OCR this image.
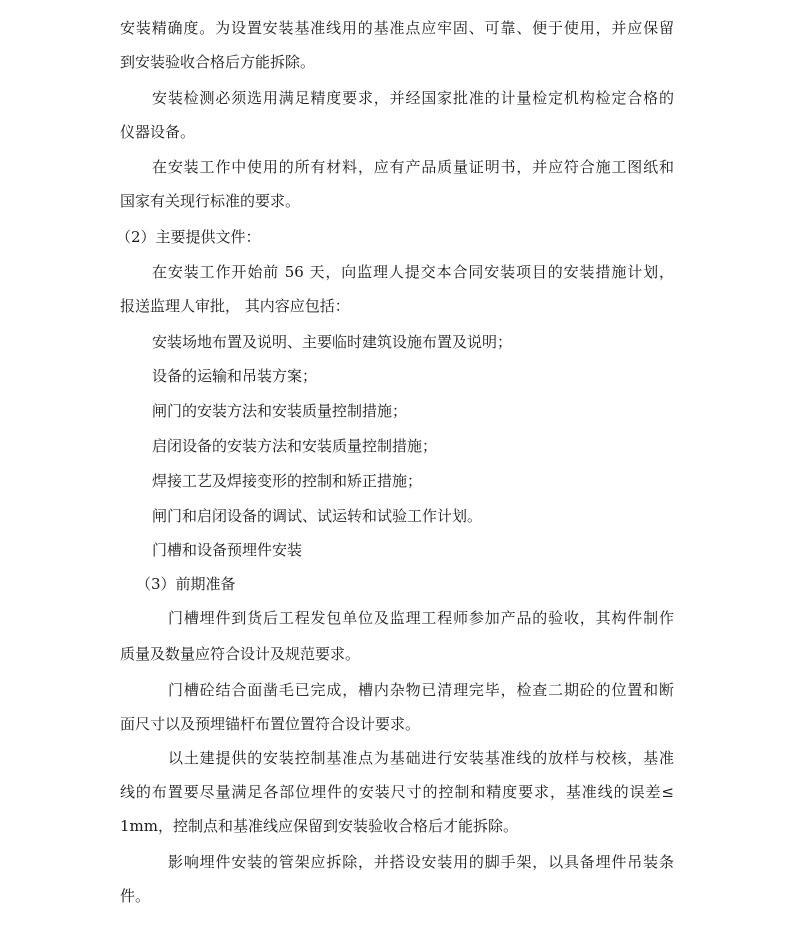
安装精确度。为设置安装基准线用的基准点应牢固、可靠、便于使用，并应保留
到安装验收合格后方能拆除。
安装检测必须选用满足精度要求，并经国家批准的计量检定机构检定合格的
仪器设备。
在安装工作中使用的所有材料，应有产品质量证明书，并应符合施工图纸和
国家有关现行标准的要求。
（2）主要提供文件：
在安装工作开始前 56 天，向监理人提交本合同安装项目的安装措施计划，
报送监理人审批， 其内容应包括：
安装场地布置及说明、主要临时建筑设施布置及说明；
设备的运输和吊装方案；
闸门的安装方法和安装质量控制措施；
启闭设备的安装方法和安装质量控制措施；
焊接工艺及焊接变形的控制和矫正措施；
闸门和启闭设备的调试、试运转和试验工作计划。
门槽和设备预埋件安装
（3）前期准备
门槽埋件到货后工程发包单位及监理工程师参加产品的验收，其构件制作
质量及数量应符合设计及规范要求。
门槽砼结合面凿毛已完成，槽内杂物已清理完毕，检查二期砼的位置和断
面尺寸以及预埋锚杆布置位置符合设计要求。
以土建提供的安装控制基准点为基础进行安装基准线的放样与校核，基准
线的布置要尽量满足各部位埋件的安装尺寸的控制和精度要求，基准线的误差≤
1mm，控制点和基准线应保留到安装验收合格后才能拆除。
影响埋件安装的管架应拆除，并搭设安装用的脚手架，以具备埋件吊装条
件。
